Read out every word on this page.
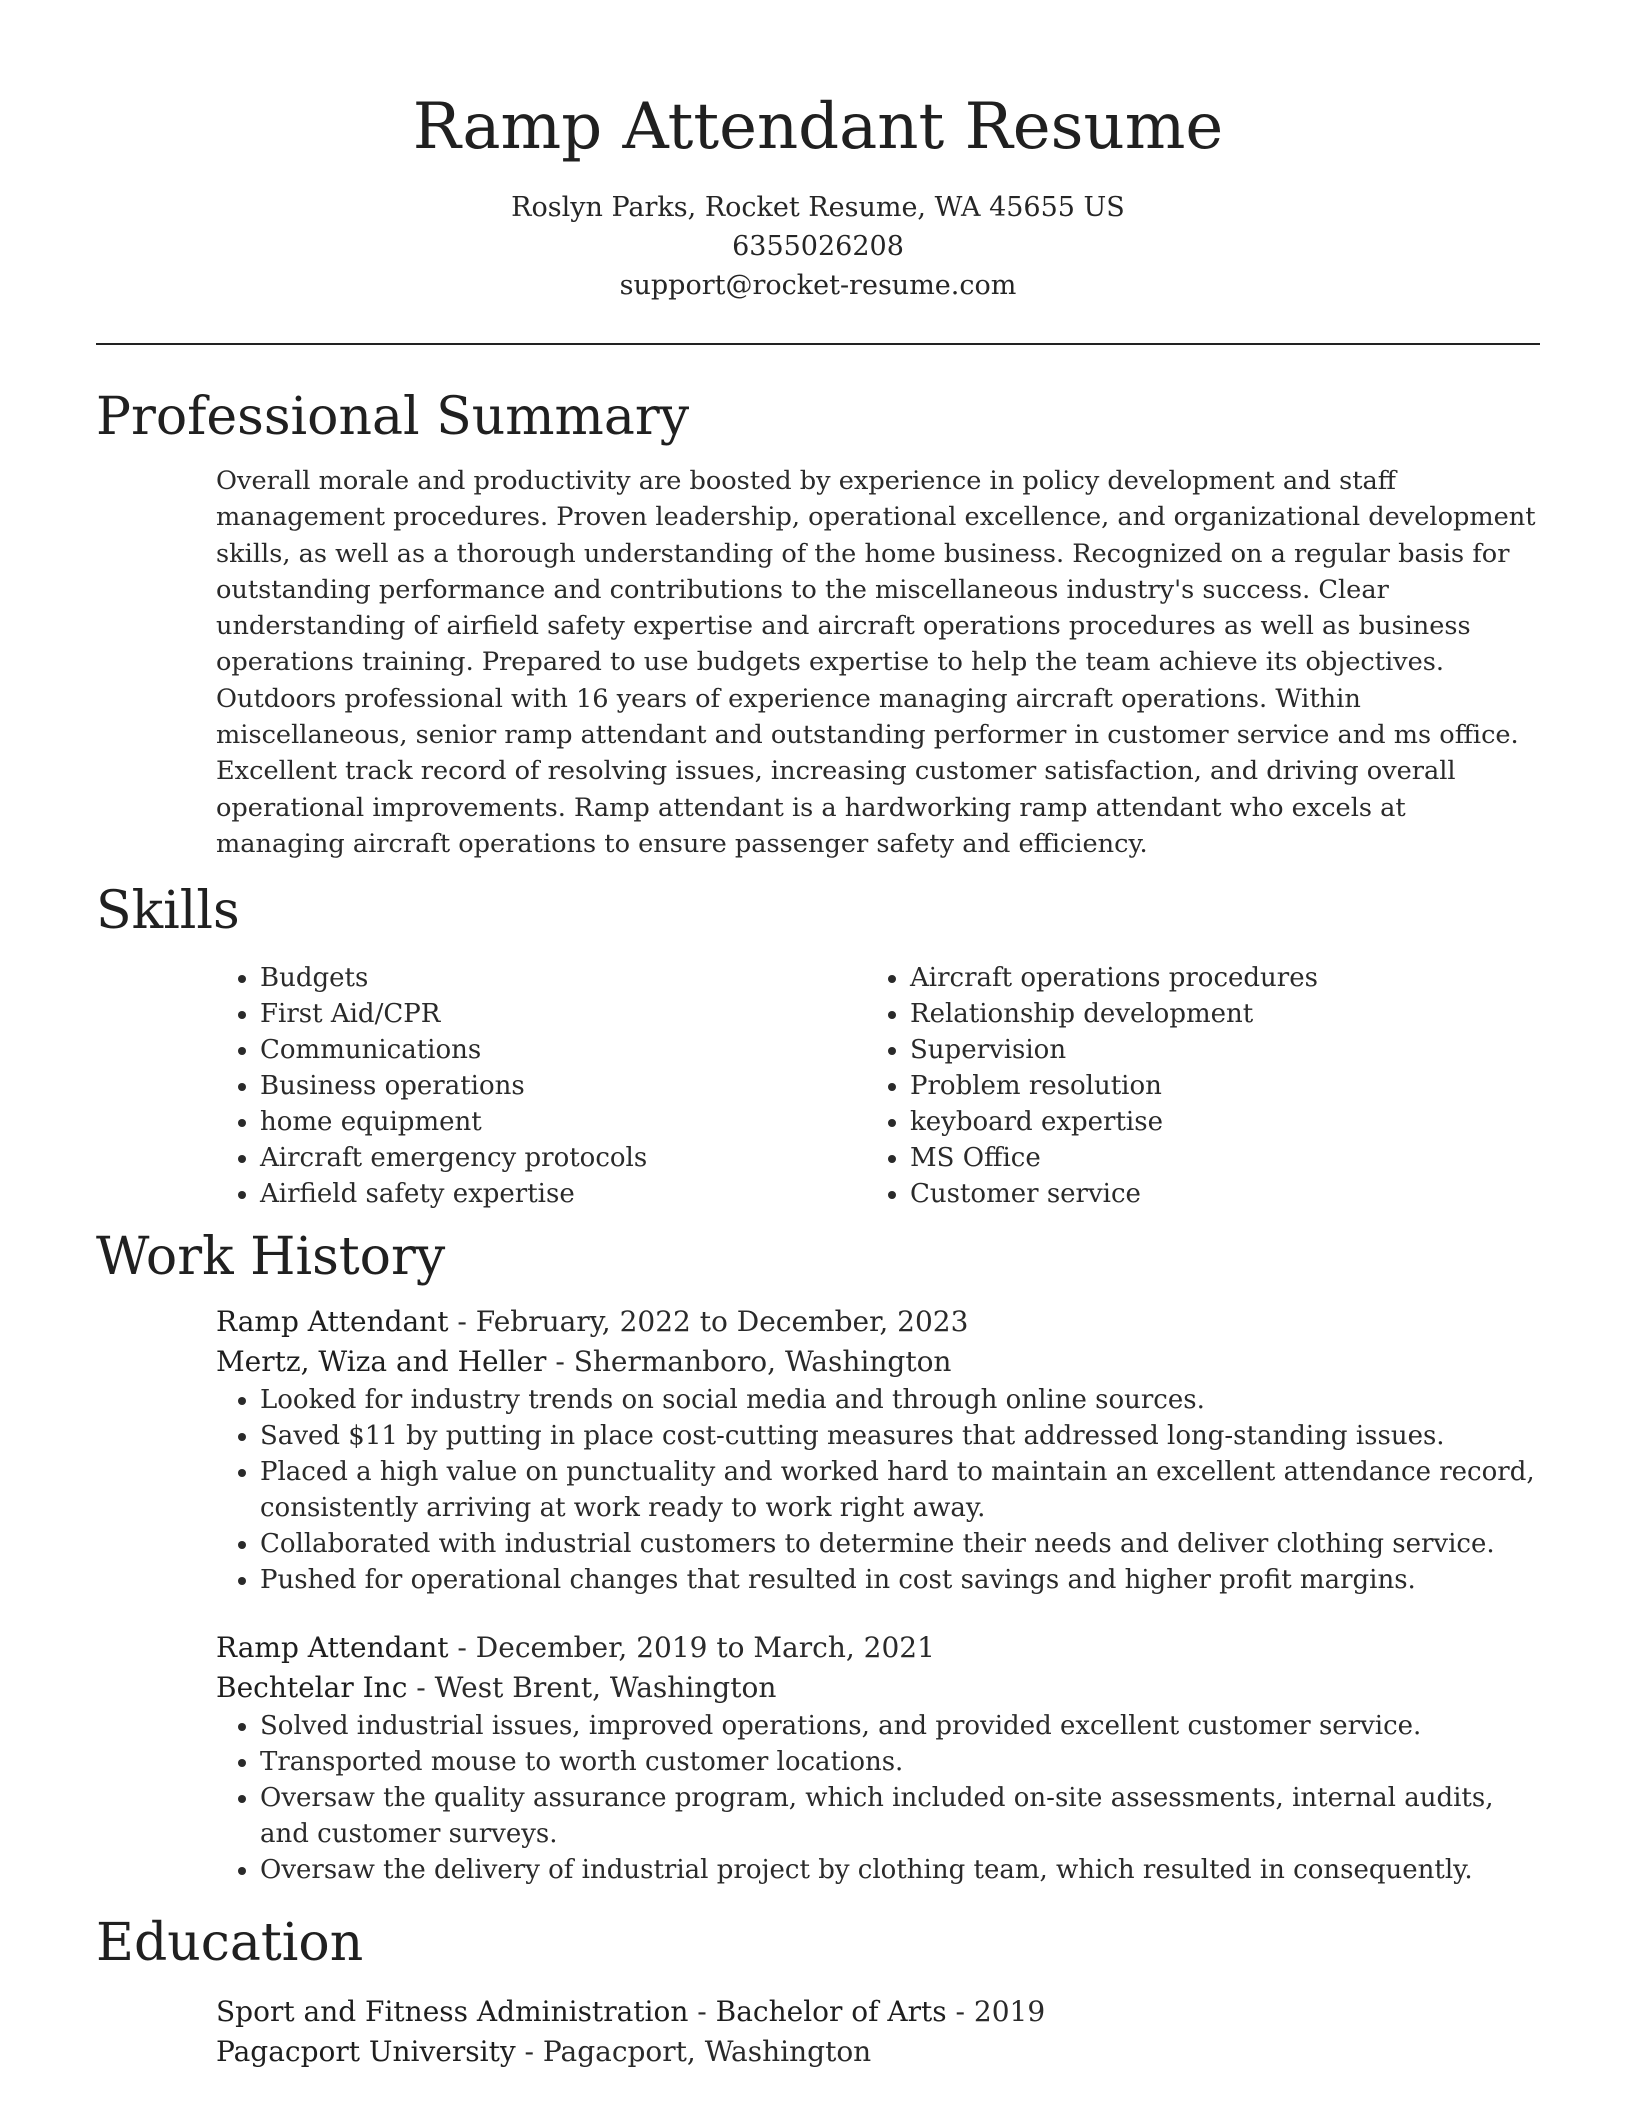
Ramp Attendant Resume

Roslyn Parks, Rocket Resume, WA 45655 US

6355026208

support@rocket-resume.com

Professional Summary

Overall morale and productivity are boosted by experience in policy development and staff management procedures. Proven leadership, operational excellence, and organizational development skills, as well as a thorough understanding of the home business. Recognized on a regular basis for outstanding performance and contributions to the miscellaneous industry's success. Clear understanding of airfield safety expertise and aircraft operations procedures as well as business operations training. Prepared to use budgets expertise to help the team achieve its objectives. Outdoors professional with 16 years of experience managing aircraft operations. Within miscellaneous, senior ramp attendant and outstanding performer in customer service and ms office. Excellent track record of resolving issues, increasing customer satisfaction, and driving overall operational improvements. Ramp attendant is a hardworking ramp attendant who excels at managing aircraft operations to ensure passenger safety and efficiency.

Skills
• Budgets
• First Aid/CPR
• Communications
• Business operations
• home equipment
• Aircraft emergency protocols
• Airfield safety expertise
• Aircraft operations procedures
• Relationship development
• Supervision
• Problem resolution
• keyboard expertise
• MS Office
• Customer service
Work History

Ramp Attendant - February, 2022 to December, 2023

Mertz, Wiza and Heller - Shermanboro, Washington

• Looked for industry trends on social media and through online sources.
• Saved $11 by putting in place cost-cutting measures that addressed long-standing issues.
• Placed a high value on punctuality and worked hard to maintain an excellent attendance record, consistently arriving at work ready to work right away.
• Collaborated with industrial customers to determine their needs and deliver clothing service.
• Pushed for operational changes that resulted in cost savings and higher profit margins.

Ramp Attendant - December, 2019 to March, 2021

Bechtelar Inc - West Brent, Washington

• Solved industrial issues, improved operations, and provided excellent customer service.
• Transported mouse to worth customer locations.
• Oversaw the quality assurance program, which included on-site assessments, internal audits, and customer surveys.
• Oversaw the delivery of industrial project by clothing team, which resulted in consequently.
Education

Sport and Fitness Administration - Bachelor of Arts - 2019

Pagacport University - Pagacport, Washington
